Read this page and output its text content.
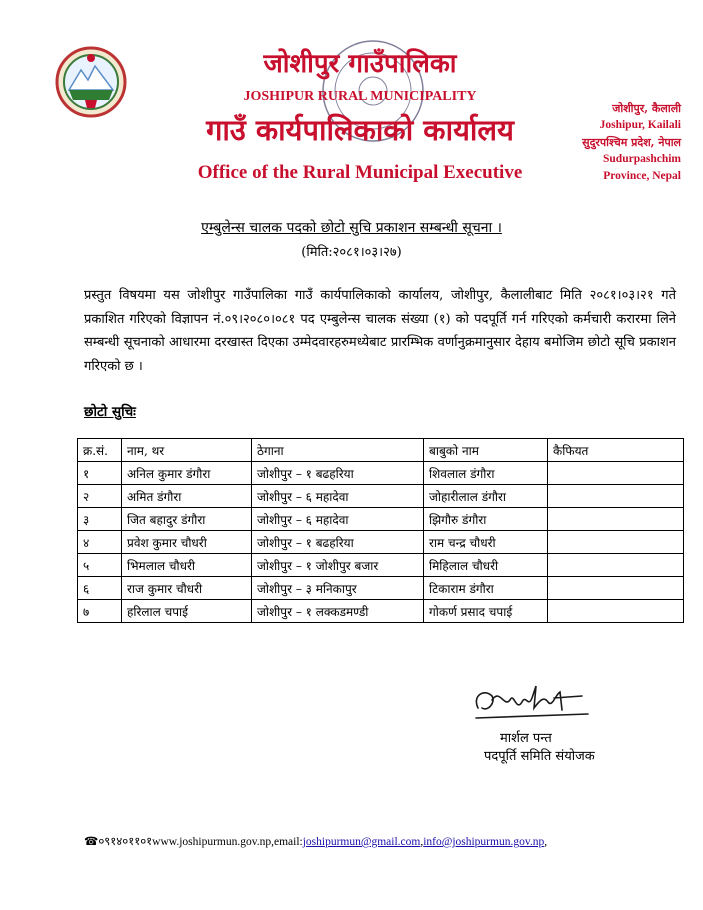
जोशीपुर गाउँपालिका
JOSHIPUR RURAL MUNICIPALITY
गाउँ कार्यपालिकाको कार्यालय
Office of the Rural Municipal Executive
जोशीपुर, कैलाली
Joshipur, Kailali
सुदुरपश्चिम प्रदेश, नेपाल
Sudurpashchim
Province, Nepal
एम्बुलेन्स चालक पदको छोटो सुचि प्रकाशन सम्बन्धी सूचना ।
(मिति:२०८१।०३।२७)
प्रस्तुत विषयमा यस जोशीपुर गाउँपालिका गाउँ कार्यपालिकाको कार्यालय, जोशीपुर, कैलालीबाट मिति २०८१।०३।२१ गते प्रकाशित गरिएको विज्ञापन नं.०९।२०८०।०८१ पद एम्बुलेन्स चालक संख्या (१) को पदपूर्ति गर्न गरिएको कर्मचारी करारमा लिने सम्बन्धी सूचनाको आधारमा दरखास्त दिएका उम्मेदवारहरुमध्येबाट प्रारम्भिक वर्णानुक्रमानुसार देहाय बमोजिम छोटो सूचि प्रकाशन गरिएको छ ।
छोटो सुचिः
क्र.सं.	नाम, थर	ठेगाना	बाबुको नाम	कैफियत
१	अनिल कुमार डंगौरा	जोशीपुर – १ बढहरिया	शिवलाल डंगौरा	
२	अमित डंगौरा	जोशीपुर – ६ महादेवा	जोहारीलाल डंगौरा	
३	जित बहादुर डंगौरा	जोशीपुर – ६ महादेवा	झिगौरु डंगौरा	
४	प्रवेश कुमार चौधरी	जोशीपुर – १ बढहरिया	राम चन्द्र चौधरी	
५	भिमलाल चौधरी	जोशीपुर – १ जोशीपुर बजार	मिहिलाल चौधरी	
६	राज कुमार चौधरी	जोशीपुर – ३ मनिकापुर	टिकाराम डंगौरा	
७	हरिलाल चपाई	जोशीपुर – १ लक्कडमण्डी	गोकर्ण प्रसाद चपाई	
मार्शल पन्त
पदपूर्ति समिति संयोजक
☎०९१४०११०१www.joshipurmun.gov.np,email:joshipurmun@gmail.com,info@joshipurmun.gov.np,
